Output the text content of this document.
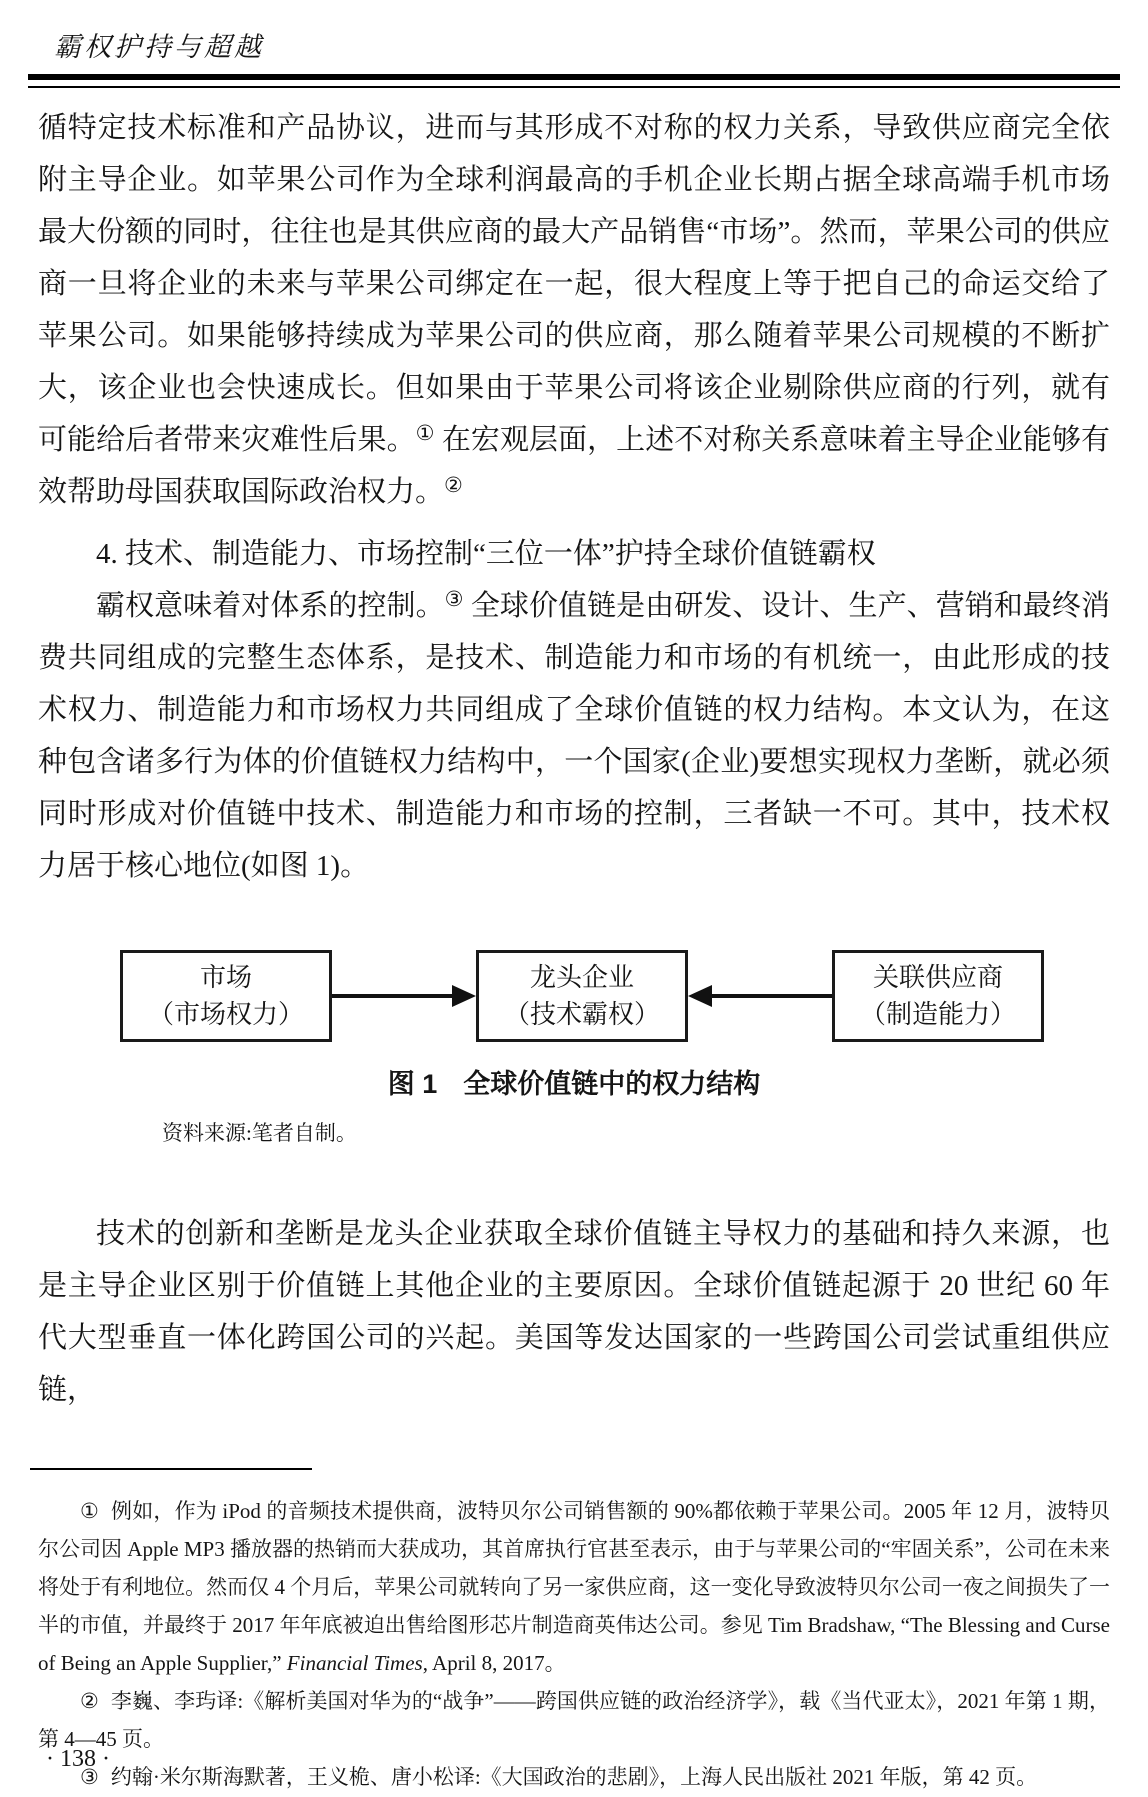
霸权护持与超越

循特定技术标准和产品协议，进而与其形成不对称的权力关系，导致供应商完全依附主导企业。如苹果公司作为全球利润最高的手机企业长期占据全球高端手机市场最大份额的同时，往往也是其供应商的最大产品销售“市场”。然而，苹果公司的供应商一旦将企业的未来与苹果公司绑定在一起，很大程度上等于把自己的命运交给了苹果公司。如果能够持续成为苹果公司的供应商，那么随着苹果公司规模的不断扩大，该企业也会快速成长。但如果由于苹果公司将该企业剔除供应商的行列，就有可能给后者带来灾难性后果。① 在宏观层面，上述不对称关系意味着主导企业能够有效帮助母国获取国际政治权力。②

4. 技术、制造能力、市场控制“三位一体”护持全球价值链霸权

霸权意味着对体系的控制。③ 全球价值链是由研发、设计、生产、营销和最终消费共同组成的完整生态体系，是技术、制造能力和市场的有机统一，由此形成的技术权力、制造能力和市场权力共同组成了全球价值链的权力结构。本文认为，在这种包含诸多行为体的价值链权力结构中，一个国家(企业)要想实现权力垄断，就必须同时形成对价值链中技术、制造能力和市场的控制，三者缺一不可。其中，技术权力居于核心地位(如图 1)。

市场
（市场权力）
龙头企业
（技术霸权）
关联供应商
（制造能力）
图 1 全球价值链中的权力结构
资料来源:笔者自制。

技术的创新和垄断是龙头企业获取全球价值链主导权力的基础和持久来源，也是主导企业区别于价值链上其他企业的主要原因。全球价值链起源于 20 世纪 60 年代大型垂直一体化跨国公司的兴起。美国等发达国家的一些跨国公司尝试重组供应链，

① 例如，作为 iPod 的音频技术提供商，波特贝尔公司销售额的 90%都依赖于苹果公司。2005 年 12 月，波特贝尔公司因 Apple MP3 播放器的热销而大获成功，其首席执行官甚至表示，由于与苹果公司的“牢固关系”，公司在未来将处于有利地位。然而仅 4 个月后，苹果公司就转向了另一家供应商，这一变化导致波特贝尔公司一夜之间损失了一半的市值，并最终于 2017 年年底被迫出售给图形芯片制造商英伟达公司。参见 Tim Bradshaw, “The Blessing and Curse of Being an Apple Supplier,” Financial Times, April 8, 2017。
② 李巍、李玙译:《解析美国对华为的“战争”——跨国供应链的政治经济学》，载《当代亚太》，2021 年第 1 期，第 4—45 页。
③ 约翰·米尔斯海默著，王义桅、唐小松译:《大国政治的悲剧》，上海人民出版社 2021 年版，第 42 页。
· 138 ·
